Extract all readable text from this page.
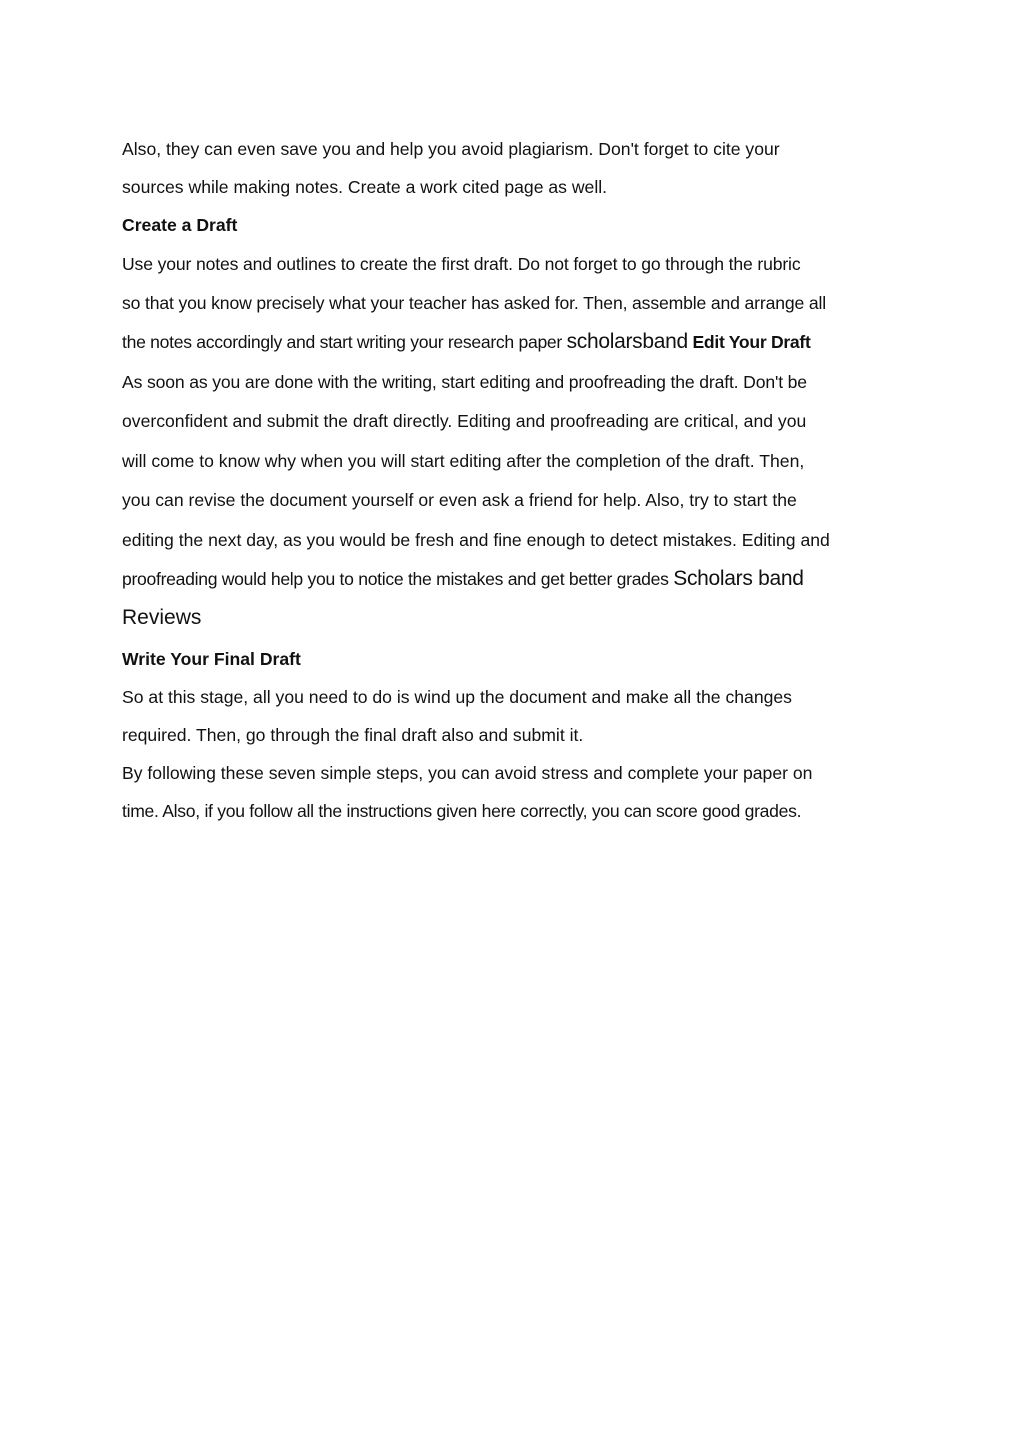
Also, they can even save you and help you avoid plagiarism. Don't forget to cite your
sources while making notes. Create a work cited page as well.
Create a Draft
Use your notes and outlines to create the first draft. Do not forget to go through the rubric
so that you know precisely what your teacher has asked for. Then, assemble and arrange all
the notes accordingly and start writing your research paper scholarsband Edit Your Draft
As soon as you are done with the writing, start editing and proofreading the draft. Don't be
overconfident and submit the draft directly. Editing and proofreading are critical, and you
will come to know why when you will start editing after the completion of the draft. Then,
you can revise the document yourself or even ask a friend for help. Also, try to start the
editing the next day, as you would be fresh and fine enough to detect mistakes. Editing and
proofreading would help you to notice the mistakes and get better grades Scholars band
Reviews
Write Your Final Draft
So at this stage, all you need to do is wind up the document and make all the changes
required. Then, go through the final draft also and submit it.
By following these seven simple steps, you can avoid stress and complete your paper on
time. Also, if you follow all the instructions given here correctly, you can score good grades.
